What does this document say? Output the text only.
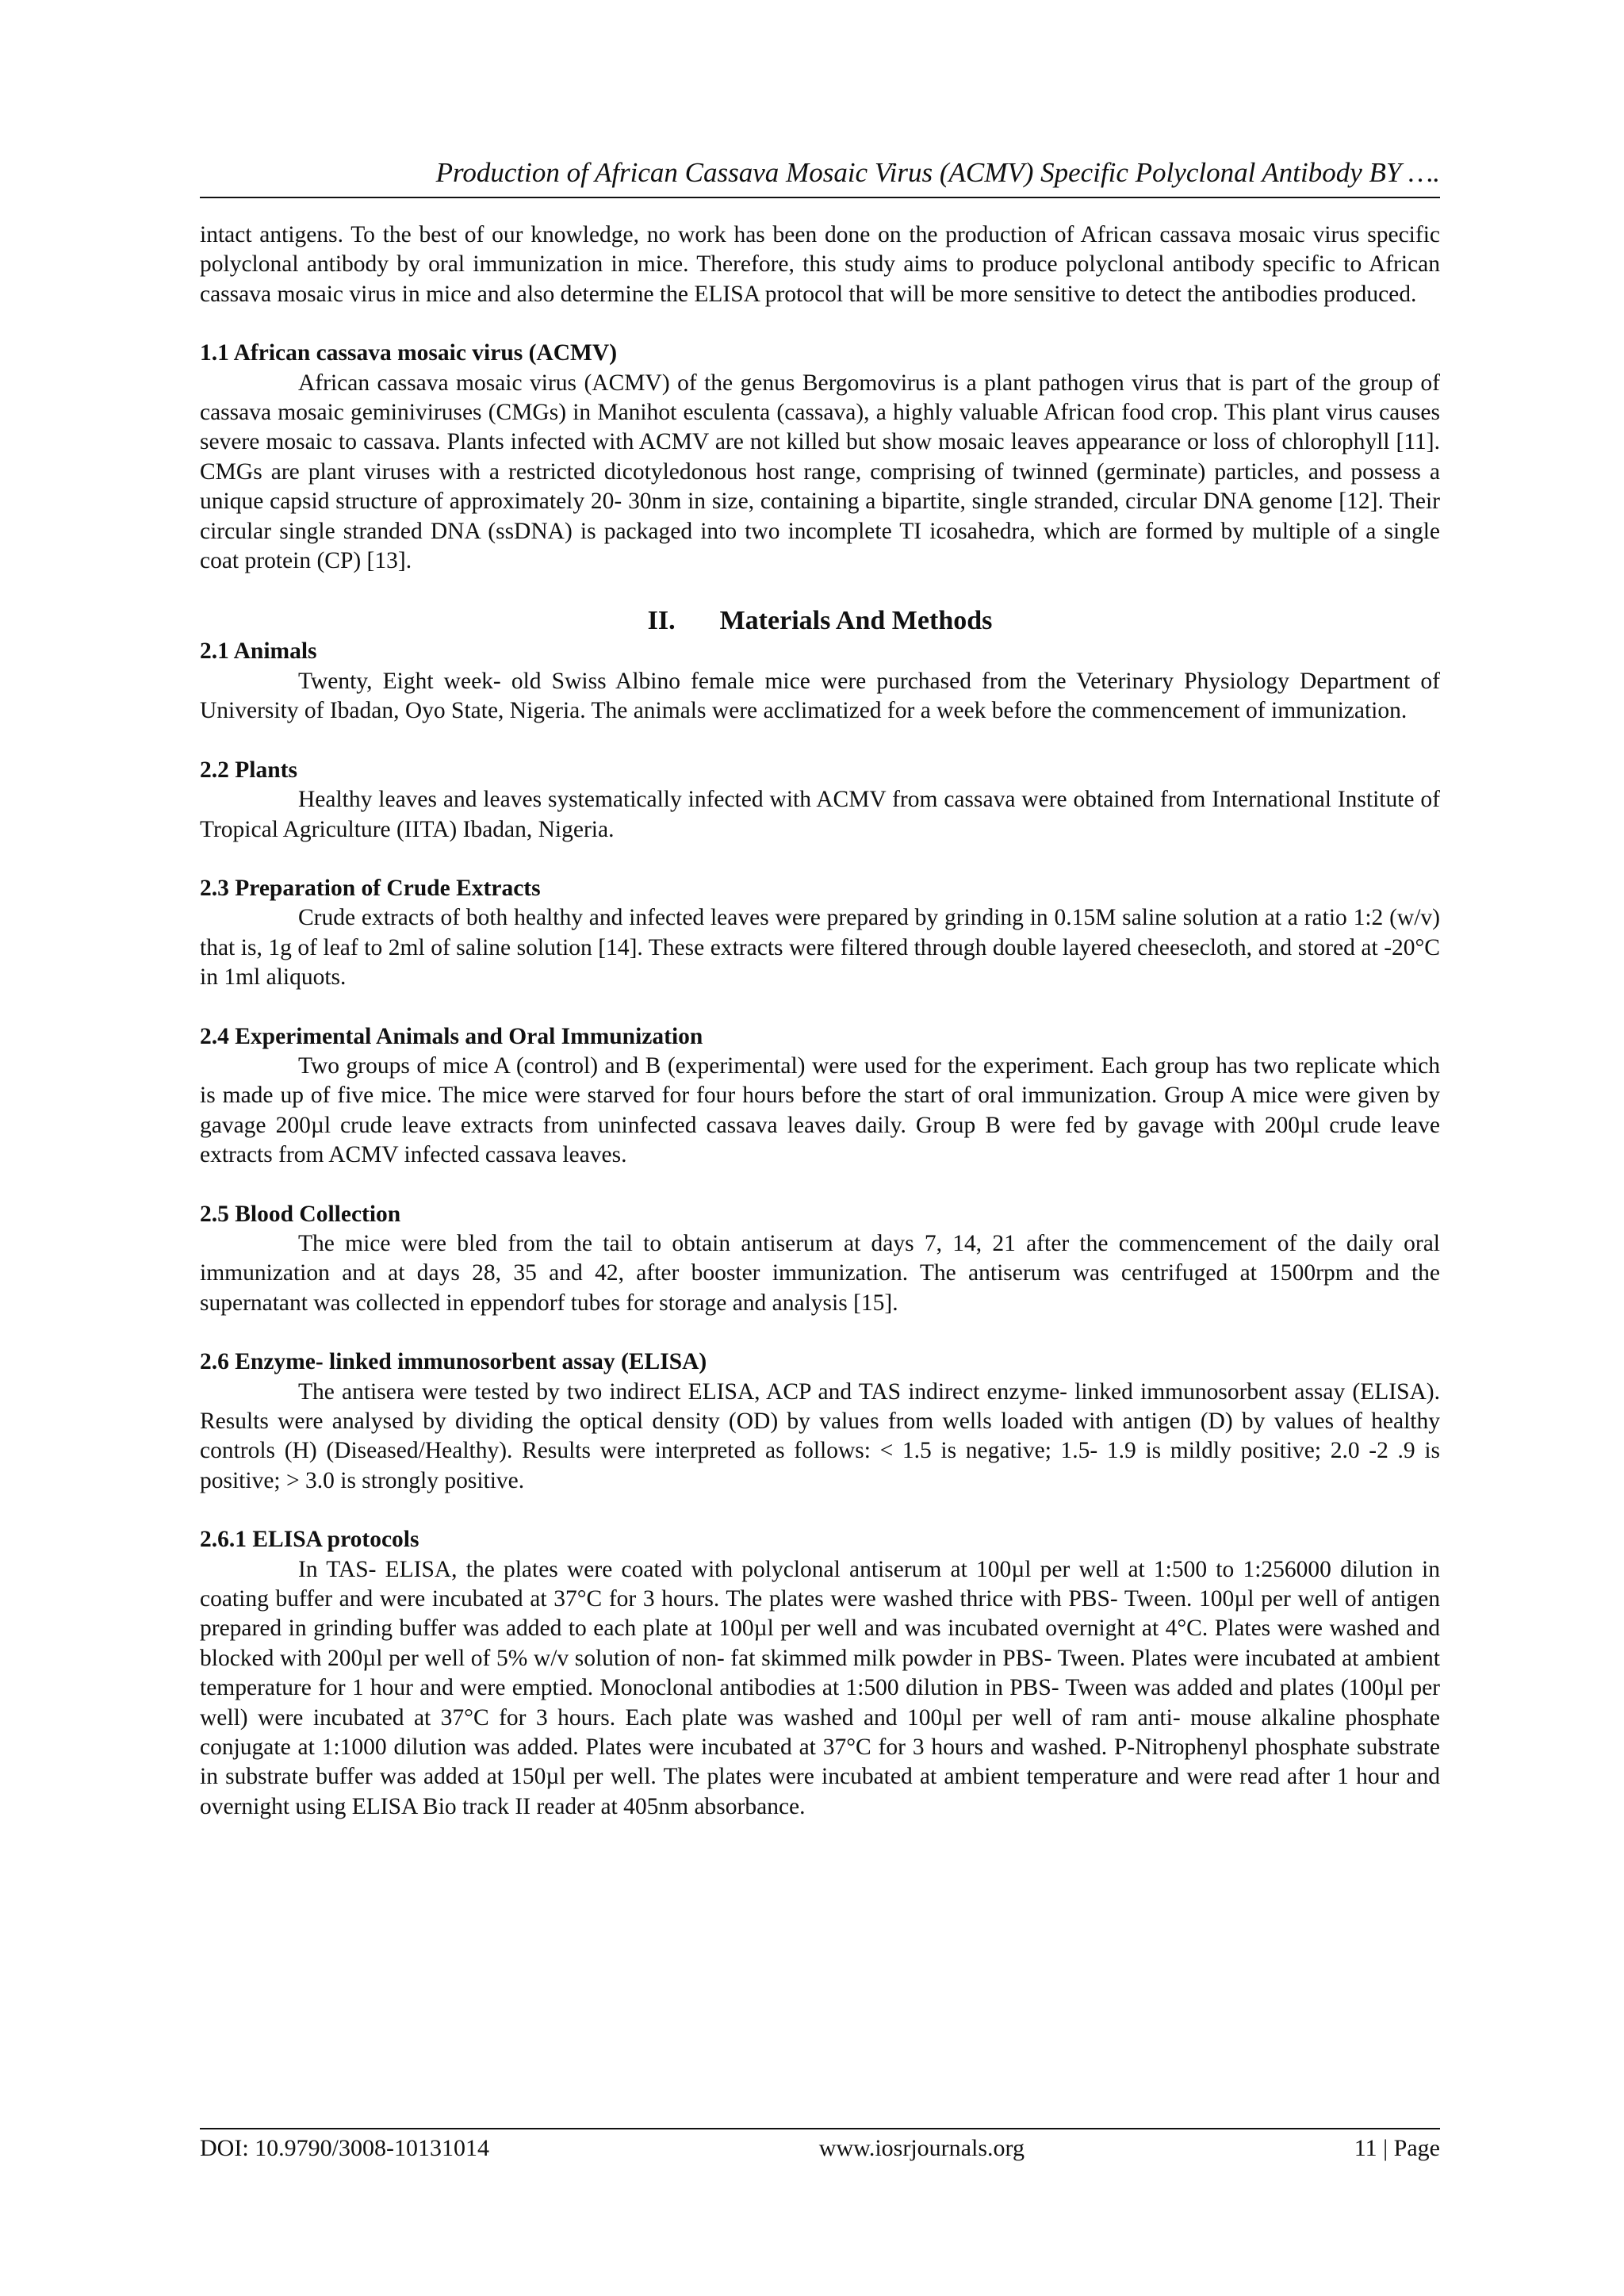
Production of African Cassava Mosaic Virus (ACMV) Specific Polyclonal Antibody BY ….

intact antigens. To the best of our knowledge, no work has been done on the production of African cassava mosaic virus specific polyclonal antibody by oral immunization in mice. Therefore, this study aims to produce polyclonal antibody specific to African cassava mosaic virus in mice and also determine the ELISA protocol that will be more sensitive to detect the antibodies produced.

1.1 African cassava mosaic virus (ACMV)

African cassava mosaic virus (ACMV) of the genus Bergomovirus is a plant pathogen virus that is part of the group of cassava mosaic geminiviruses (CMGs) in Manihot esculenta (cassava), a highly valuable African food crop. This plant virus causes severe mosaic to cassava. Plants infected with ACMV are not killed but show mosaic leaves appearance or loss of chlorophyll [11]. CMGs are plant viruses with a restricted dicotyledonous host range, comprising of twinned (germinate) particles, and possess a unique capsid structure of approximately 20- 30nm in size, containing a bipartite, single stranded, circular DNA genome [12]. Their circular single stranded DNA (ssDNA) is packaged into two incomplete TI icosahedra, which are formed by multiple of a single coat protein (CP) [13].

II. Materials And Methods

2.1 Animals

Twenty, Eight week- old Swiss Albino female mice were purchased from the Veterinary Physiology Department of University of Ibadan, Oyo State, Nigeria. The animals were acclimatized for a week before the commencement of immunization.

2.2 Plants

Healthy leaves and leaves systematically infected with ACMV from cassava were obtained from International Institute of Tropical Agriculture (IITA) Ibadan, Nigeria.

2.3 Preparation of Crude Extracts

Crude extracts of both healthy and infected leaves were prepared by grinding in 0.15M saline solution at a ratio 1:2 (w/v) that is, 1g of leaf to 2ml of saline solution [14]. These extracts were filtered through double layered cheesecloth, and stored at -20°C in 1ml aliquots.

2.4 Experimental Animals and Oral Immunization

Two groups of mice A (control) and B (experimental) were used for the experiment. Each group has two replicate which is made up of five mice. The mice were starved for four hours before the start of oral immunization. Group A mice were given by gavage 200µl crude leave extracts from uninfected cassava leaves daily. Group B were fed by gavage with 200µl crude leave extracts from ACMV infected cassava leaves.

2.5 Blood Collection

The mice were bled from the tail to obtain antiserum at days 7, 14, 21 after the commencement of the daily oral immunization and at days 28, 35 and 42, after booster immunization. The antiserum was centrifuged at 1500rpm and the supernatant was collected in eppendorf tubes for storage and analysis [15].

2.6 Enzyme- linked immunosorbent assay (ELISA)

The antisera were tested by two indirect ELISA, ACP and TAS indirect enzyme- linked immunosorbent assay (ELISA). Results were analysed by dividing the optical density (OD) by values from wells loaded with antigen (D) by values of healthy controls (H) (Diseased/Healthy). Results were interpreted as follows: < 1.5 is negative; 1.5- 1.9 is mildly positive; 2.0 -2 .9 is positive; > 3.0 is strongly positive.

2.6.1 ELISA protocols

In TAS- ELISA, the plates were coated with polyclonal antiserum at 100µl per well at 1:500 to 1:256000 dilution in coating buffer and were incubated at 37°C for 3 hours. The plates were washed thrice with PBS- Tween. 100µl per well of antigen prepared in grinding buffer was added to each plate at 100µl per well and was incubated overnight at 4°C. Plates were washed and blocked with 200µl per well of 5% w/v solution of non- fat skimmed milk powder in PBS- Tween. Plates were incubated at ambient temperature for 1 hour and were emptied. Monoclonal antibodies at 1:500 dilution in PBS- Tween was added and plates (100µl per well) were incubated at 37°C for 3 hours. Each plate was washed and 100µl per well of ram anti- mouse alkaline phosphate conjugate at 1:1000 dilution was added. Plates were incubated at 37°C for 3 hours and washed. P-Nitrophenyl phosphate substrate in substrate buffer was added at 150µl per well. The plates were incubated at ambient temperature and were read after 1 hour and overnight using ELISA Bio track II reader at 405nm absorbance.

DOI: 10.9790/3008-10131014	www.iosrjournals.org	11 | Page
